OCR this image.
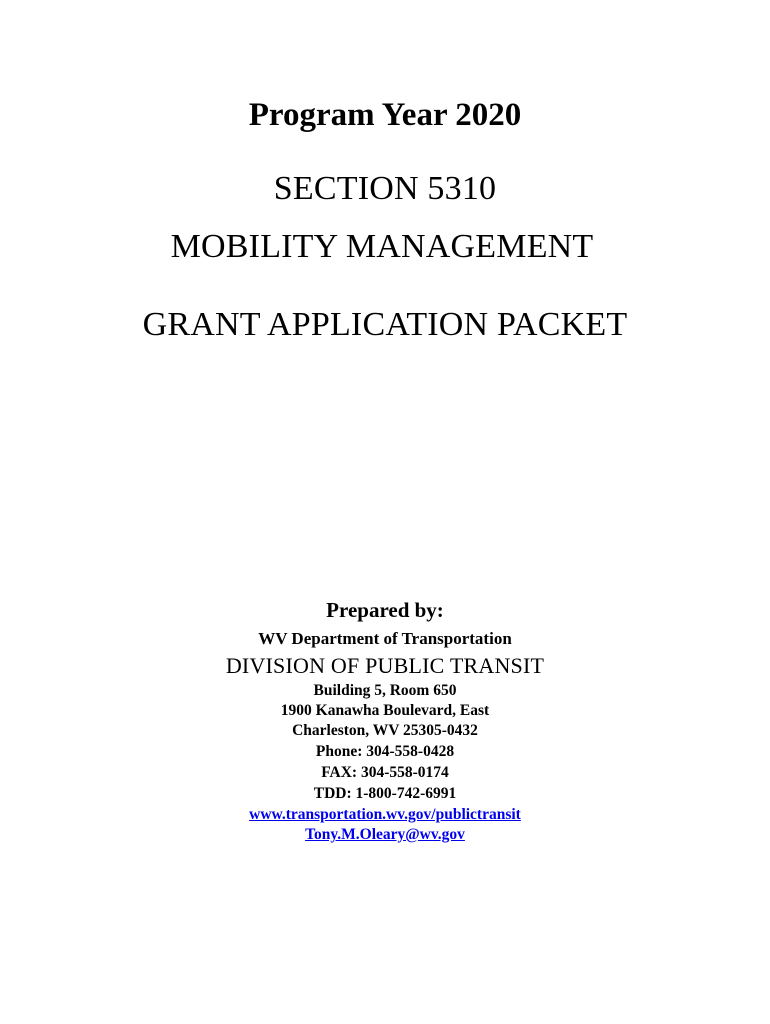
Program Year 2020
SECTION 5310
MOBILITY MANAGEMENT
GRANT APPLICATION PACKET
Prepared by:
WV Department of Transportation
DIVISION OF PUBLIC TRANSIT
Building 5, Room 650
1900 Kanawha Boulevard, East
Charleston, WV 25305-0432
Phone: 304-558-0428
FAX: 304-558-0174
TDD: 1-800-742-6991
www.transportation.wv.gov/publictransit
Tony.M.Oleary@wv.gov
